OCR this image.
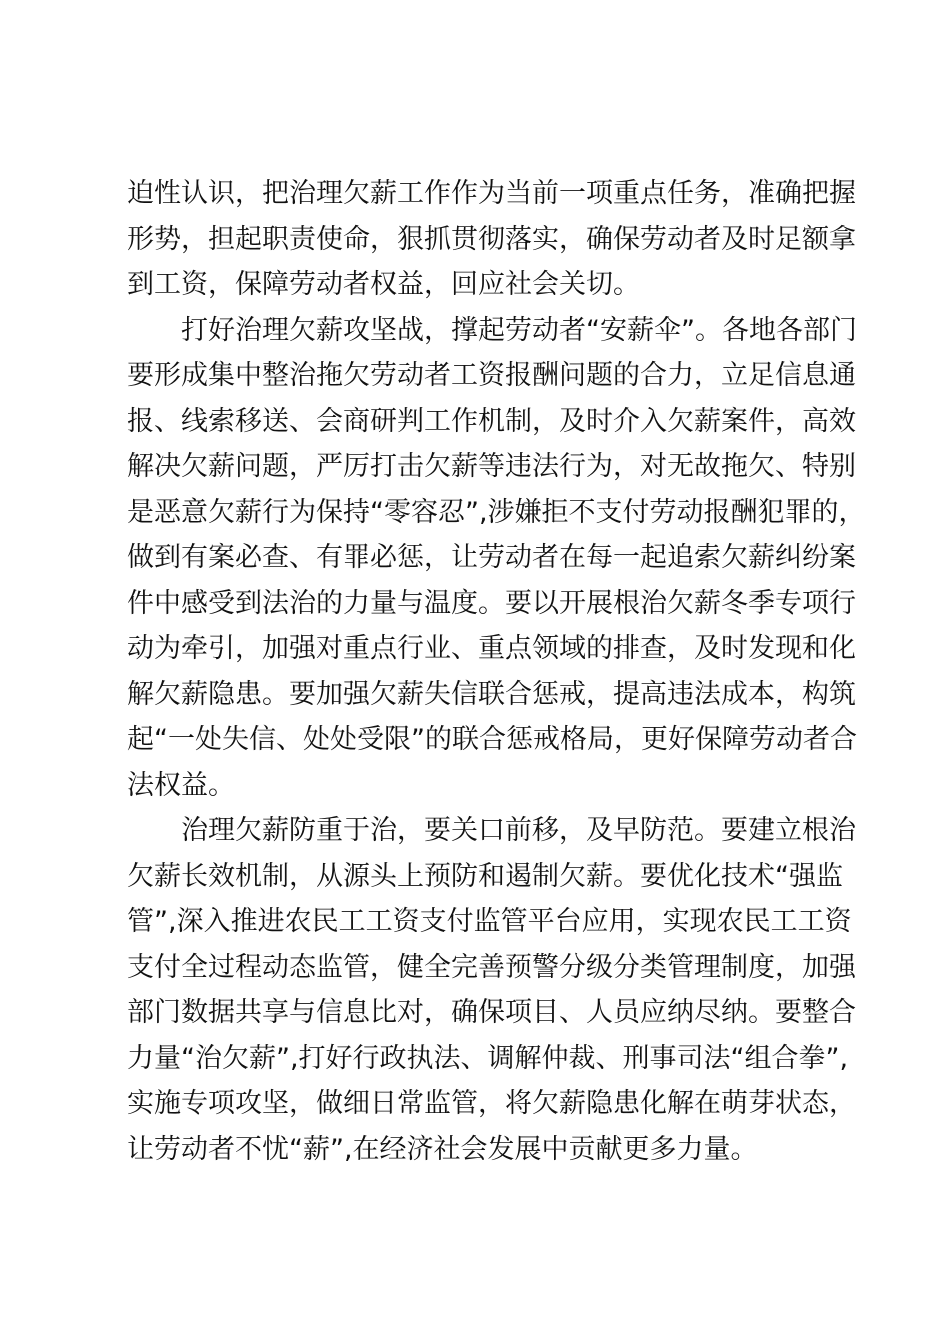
迫性认识，把治理欠薪工作作为当前一项重点任务，准确把握
形势，担起职责使命，狠抓贯彻落实，确保劳动者及时足额拿
到工资，保障劳动者权益，回应社会关切。
打好治理欠薪攻坚战，撑起劳动者“安薪伞”。各地各部门
要形成集中整治拖欠劳动者工资报酬问题的合力，立足信息通
报、线索移送、会商研判工作机制，及时介入欠薪案件，高效
解决欠薪问题，严厉打击欠薪等违法行为，对无故拖欠、特别
是恶意欠薪行为保持“零容忍”,涉嫌拒不支付劳动报酬犯罪的，
做到有案必查、有罪必惩，让劳动者在每一起追索欠薪纠纷案
件中感受到法治的力量与温度。要以开展根治欠薪冬季专项行
动为牵引，加强对重点行业、重点领域的排查，及时发现和化
解欠薪隐患。要加强欠薪失信联合惩戒，提高违法成本，构筑
起“一处失信、处处受限”的联合惩戒格局，更好保障劳动者合
法权益。
治理欠薪防重于治，要关口前移，及早防范。要建立根治
欠薪长效机制，从源头上预防和遏制欠薪。要优化技术“强监
管”,深入推进农民工工资支付监管平台应用，实现农民工工资
支付全过程动态监管，健全完善预警分级分类管理制度，加强
部门数据共享与信息比对，确保项目、人员应纳尽纳。要整合
力量“治欠薪”,打好行政执法、调解仲裁、刑事司法“组合拳”,
实施专项攻坚，做细日常监管，将欠薪隐患化解在萌芽状态，
让劳动者不忧“薪”,在经济社会发展中贡献更多力量。
